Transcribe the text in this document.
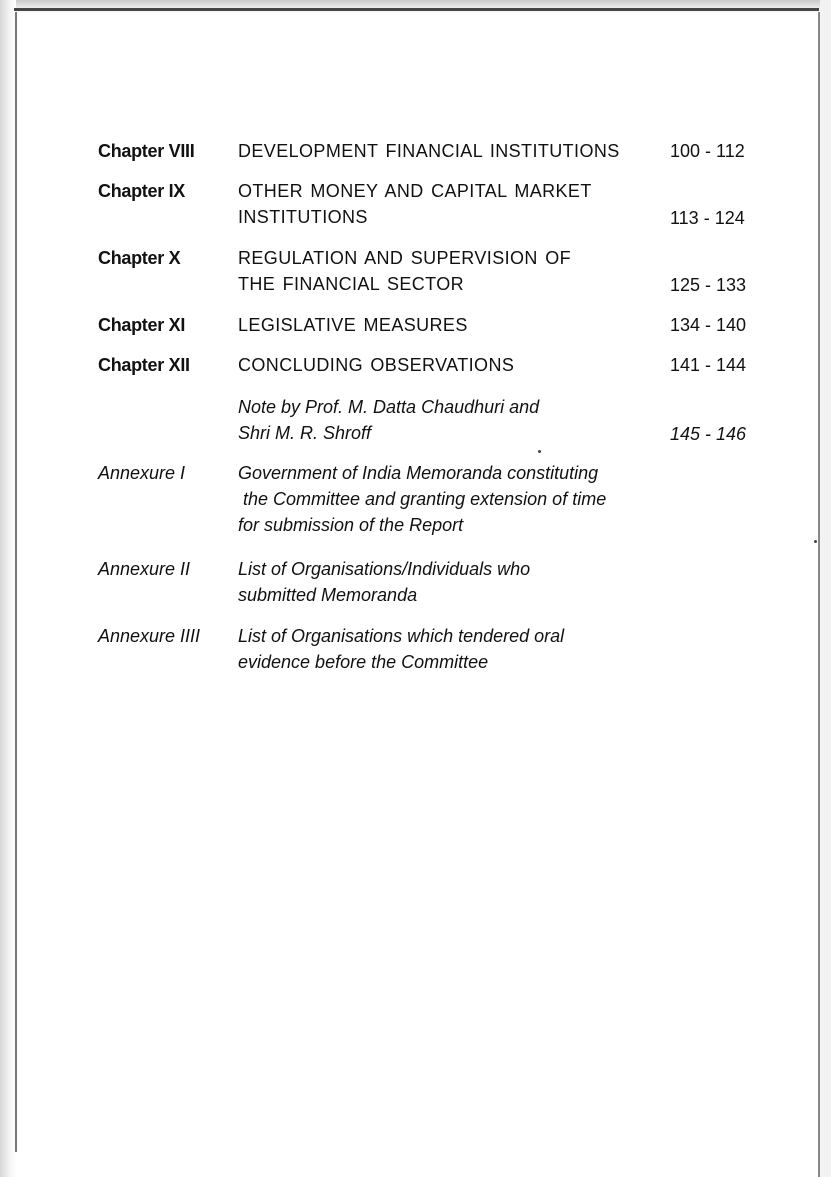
Chapter VIII DEVELOPMENT FINANCIAL INSTITUTIONS	100 - 112
Chapter IX	OTHER MONEY AND CAPITAL MARKET
INSTITUTIONS	113 - 124
Chapter X	REGULATION AND SUPERVISION OF
THE FINANCIAL SECTOR	125 - 133
Chapter XI	LEGISLATIVE MEASURES	134 - 140
Chapter XII	CONCLUDING OBSERVATIONS	141 - 144
Note by Prof. M. Datta Chaudhuri and
Shri M. R. Shroff	145 - 146
Annexure I	Government of India Memoranda constituting
the Committee and granting extension of time
for submission of the Report
Annexure II	List of Organisations/Individuals who
submitted Memoranda
Annexure IIII List of Organisations which tendered oral
evidence before the Committee
